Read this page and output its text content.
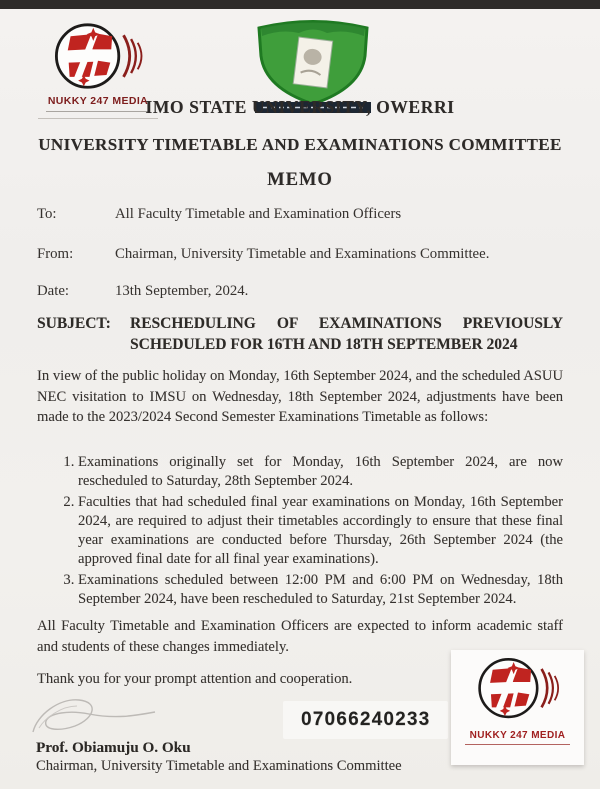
NUKKY 247 MEDIA
IMO STATE UNIVERSITY, OWERRI
UNIVERSITY TIMETABLE AND EXAMINATIONS COMMITTEE
MEMO
To:	All Faculty Timetable and Examination Officers
From:	Chairman, University Timetable and Examinations Committee.
Date:	13th September, 2024.
SUBJECT:	RESCHEDULING OF EXAMINATIONS PREVIOUSLY SCHEDULED FOR 16TH AND 18TH SEPTEMBER 2024
In view of the public holiday on Monday, 16th September 2024, and the scheduled ASUU NEC visitation to IMSU on Wednesday, 18th September 2024, adjustments have been made to the 2023/2024 Second Semester Examinations Timetable as follows:
1. Examinations originally set for Monday, 16th September 2024, are now rescheduled to Saturday, 28th September 2024.
2. Faculties that had scheduled final year examinations on Monday, 16th September 2024, are required to adjust their timetables accordingly to ensure that these final year examinations are conducted before Thursday, 26th September 2024 (the approved final date for all final year examinations).
3. Examinations scheduled between 12:00 PM and 6:00 PM on Wednesday, 18th September 2024, have been rescheduled to Saturday, 21st September 2024.
All Faculty Timetable and Examination Officers are expected to inform academic staff and students of these changes immediately.
Thank you for your prompt attention and cooperation.
07066240233
NUKKY 247 MEDIA
Prof. Obiamuju O. Oku
Chairman, University Timetable and Examinations Committee
